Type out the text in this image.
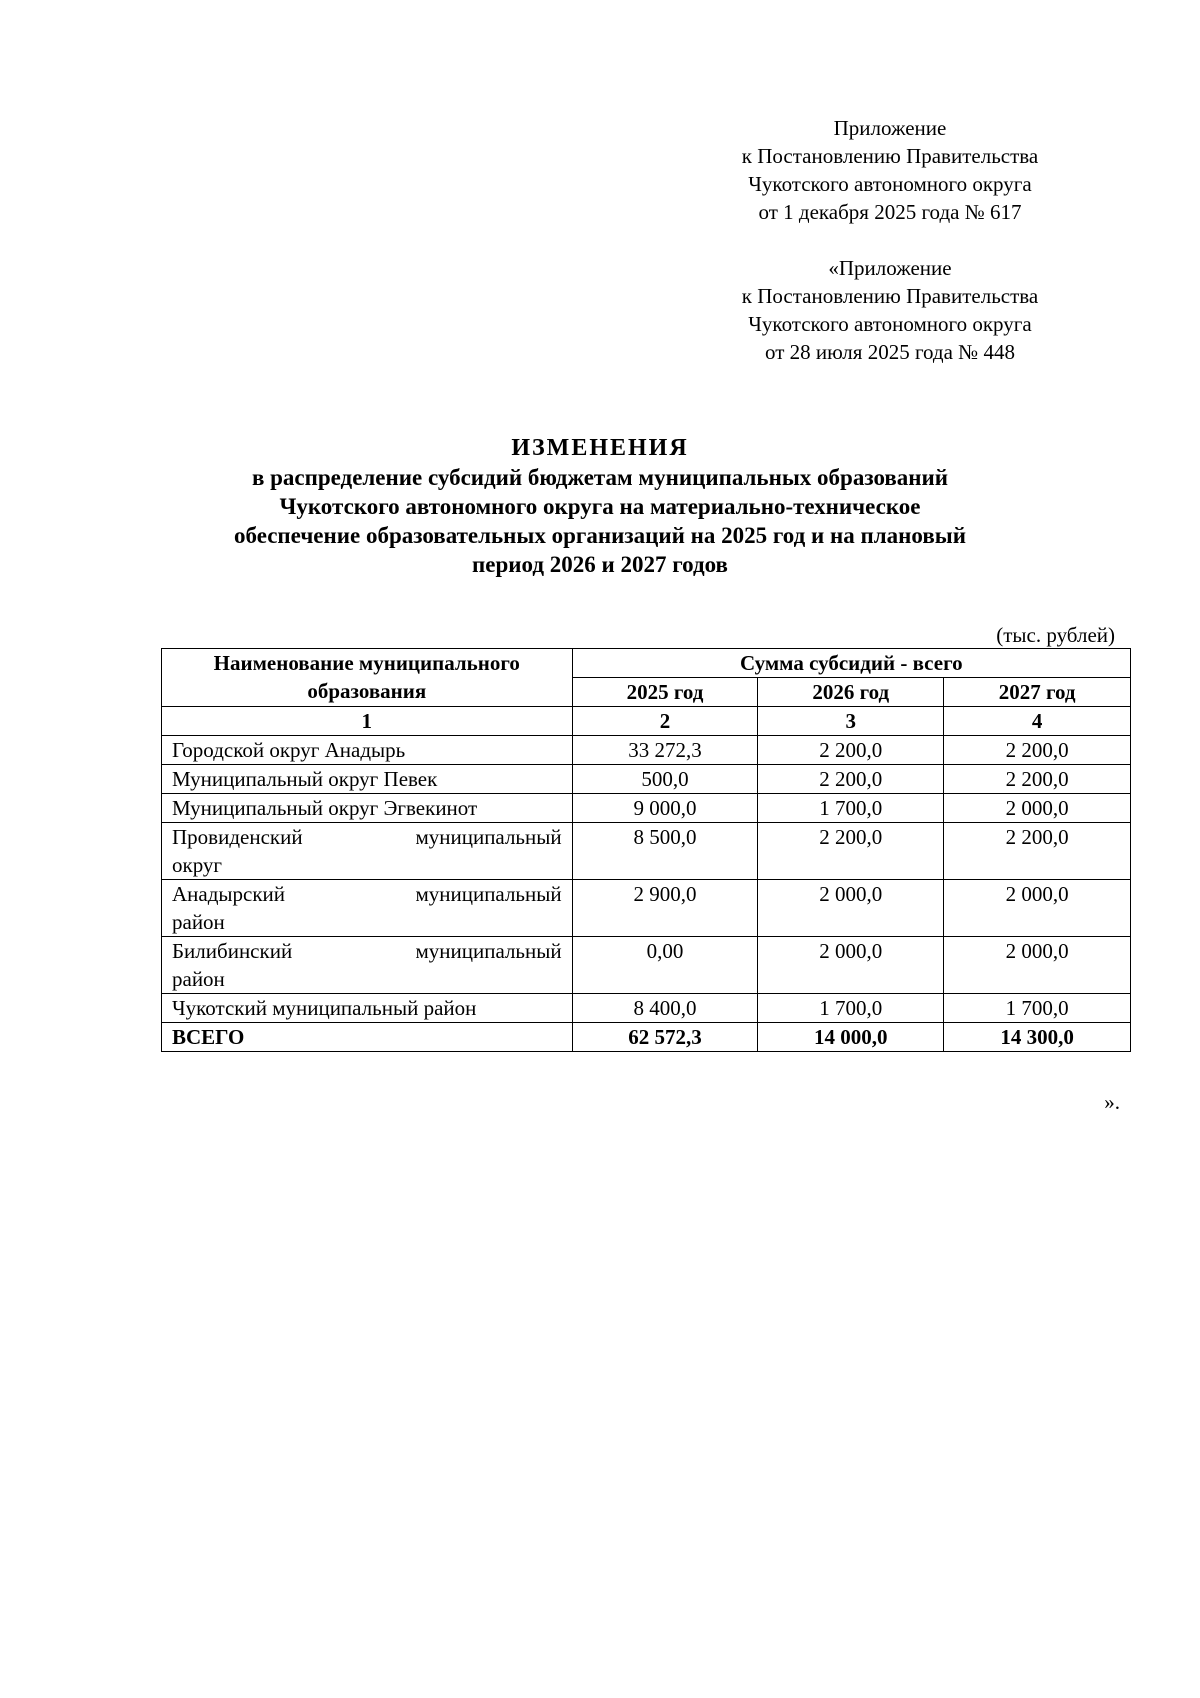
Приложение
к Постановлению Правительства
Чукотского автономного округа
от 1 декабря 2025 года № 617
«Приложение
к Постановлению Правительства
Чукотского автономного округа
от 28 июля 2025 года № 448
ИЗМЕНЕНИЯ
в распределение субсидий бюджетам муниципальных образований
Чукотского автономного округа на материально-техническое
обеспечение образовательных организаций на 2025 год и на плановый
период 2026 и 2027 годов
(тыс. рублей)
Наименование муниципального образования	Сумма субсидий - всего		
	2025 год	2026 год	2027 год
1	2	3	4
Городской округ Анадырь	33 272,3	2 200,0	2 200,0
Муниципальный округ Певек	500,0	2 200,0	2 200,0
Муниципальный округ Эгвекинот	9 000,0	1 700,0	2 000,0

Провиденский муниципальный
округ	8 500,0	2 200,0	2 200,0

Анадырский муниципальный
район	2 900,0	2 000,0	2 000,0

Билибинский муниципальный
район	0,00	2 000,0	2 000,0
Чукотский муниципальный район	8 400,0	1 700,0	1 700,0
ВСЕГО	62 572,3	14 000,0	14 300,0
».
